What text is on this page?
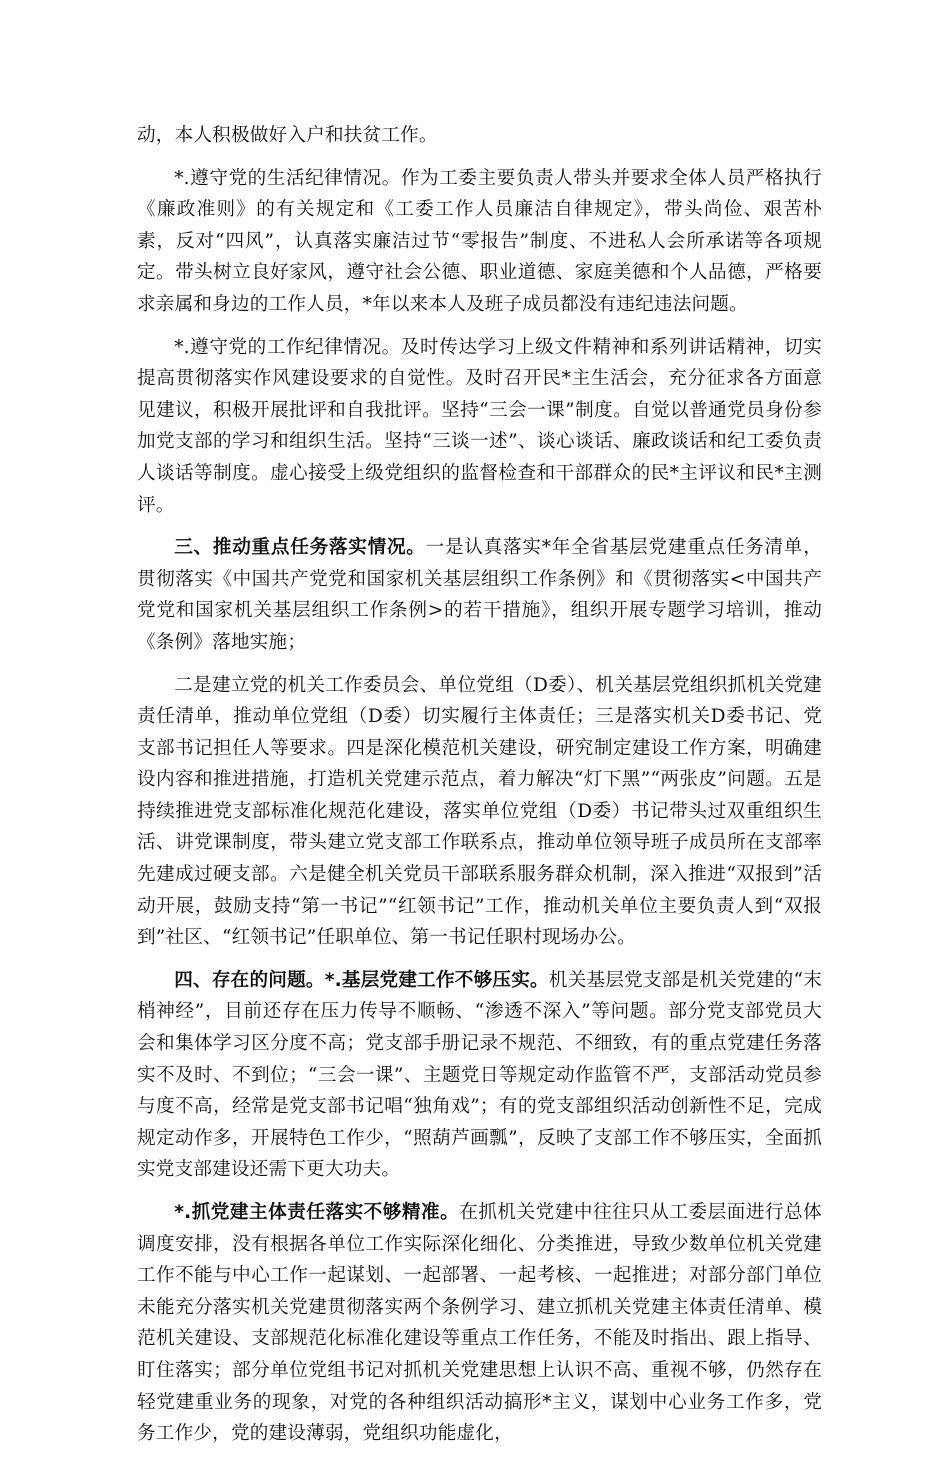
动，本人积极做好入户和扶贫工作。

*.遵守党的生活纪律情况。作为工委主要负责人带头并要求全体人员严格执行《廉政准则》的有关规定和《工委工作人员廉洁自律规定》，带头尚俭、艰苦朴素，反对“四风”，认真落实廉洁过节“零报告”制度、不进私人会所承诺等各项规定。带头树立良好家风，遵守社会公德、职业道德、家庭美德和个人品德，严格要求亲属和身边的工作人员，*年以来本人及班子成员都没有违纪违法问题。

*.遵守党的工作纪律情况。及时传达学习上级文件精神和系列讲话精神，切实提高贯彻落实作风建设要求的自觉性。及时召开民*主生活会，充分征求各方面意见建议，积极开展批评和自我批评。坚持“三会一课”制度。自觉以普通党员身份参加党支部的学习和组织生活。坚持“三谈一述”、谈心谈话、廉政谈话和纪工委负责人谈话等制度。虚心接受上级党组织的监督检查和干部群众的民*主评议和民*主测评。

三、推动重点任务落实情况。一是认真落实*年全省基层党建重点任务清单，贯彻落实《中国共产党党和国家机关基层组织工作条例》和《贯彻落实<中国共产党党和国家机关基层组织工作条例>的若干措施》，组织开展专题学习培训，推动《条例》落地实施；

二是建立党的机关工作委员会、单位党组（D委）、机关基层党组织抓机关党建责任清单，推动单位党组（D委）切实履行主体责任；三是落实机关D委书记、党支部书记担任人等要求。四是深化模范机关建设，研究制定建设工作方案，明确建设内容和推进措施，打造机关党建示范点，着力解决“灯下黑”“两张皮”问题。五是持续推进党支部标准化规范化建设，落实单位党组（D委）书记带头过双重组织生活、讲党课制度，带头建立党支部工作联系点，推动单位领导班子成员所在支部率先建成过硬支部。六是健全机关党员干部联系服务群众机制，深入推进“双报到”活动开展，鼓励支持“第一书记”“红领书记”工作，推动机关单位主要负责人到“双报到”社区、“红领书记”任职单位、第一书记任职村现场办公。

四、存在的问题。*.基层党建工作不够压实。机关基层党支部是机关党建的“末梢神经”，目前还存在压力传导不顺畅、“渗透不深入”等问题。部分党支部党员大会和集体学习区分度不高；党支部手册记录不规范、不细致，有的重点党建任务落实不及时、不到位；“三会一课”、主题党日等规定动作监管不严，支部活动党员参与度不高，经常是党支部书记唱“独角戏”；有的党支部组织活动创新性不足，完成规定动作多，开展特色工作少，“照葫芦画瓢”，反映了支部工作不够压实，全面抓实党支部建设还需下更大功夫。

*.抓党建主体责任落实不够精准。在抓机关党建中往往只从工委层面进行总体调度安排，没有根据各单位工作实际深化细化、分类推进，导致少数单位机关党建工作不能与中心工作一起谋划、一起部署、一起考核、一起推进；对部分部门单位未能充分落实机关党建贯彻落实两个条例学习、建立抓机关党建主体责任清单、模范机关建设、支部规范化标准化建设等重点工作任务，不能及时指出、跟上指导、盯住落实；部分单位党组书记对抓机关党建思想上认识不高、重视不够，仍然存在轻党建重业务的现象，对党的各种组织活动搞形*主义，谋划中心业务工作多，党务工作少，党的建设薄弱，党组织功能虚化，
